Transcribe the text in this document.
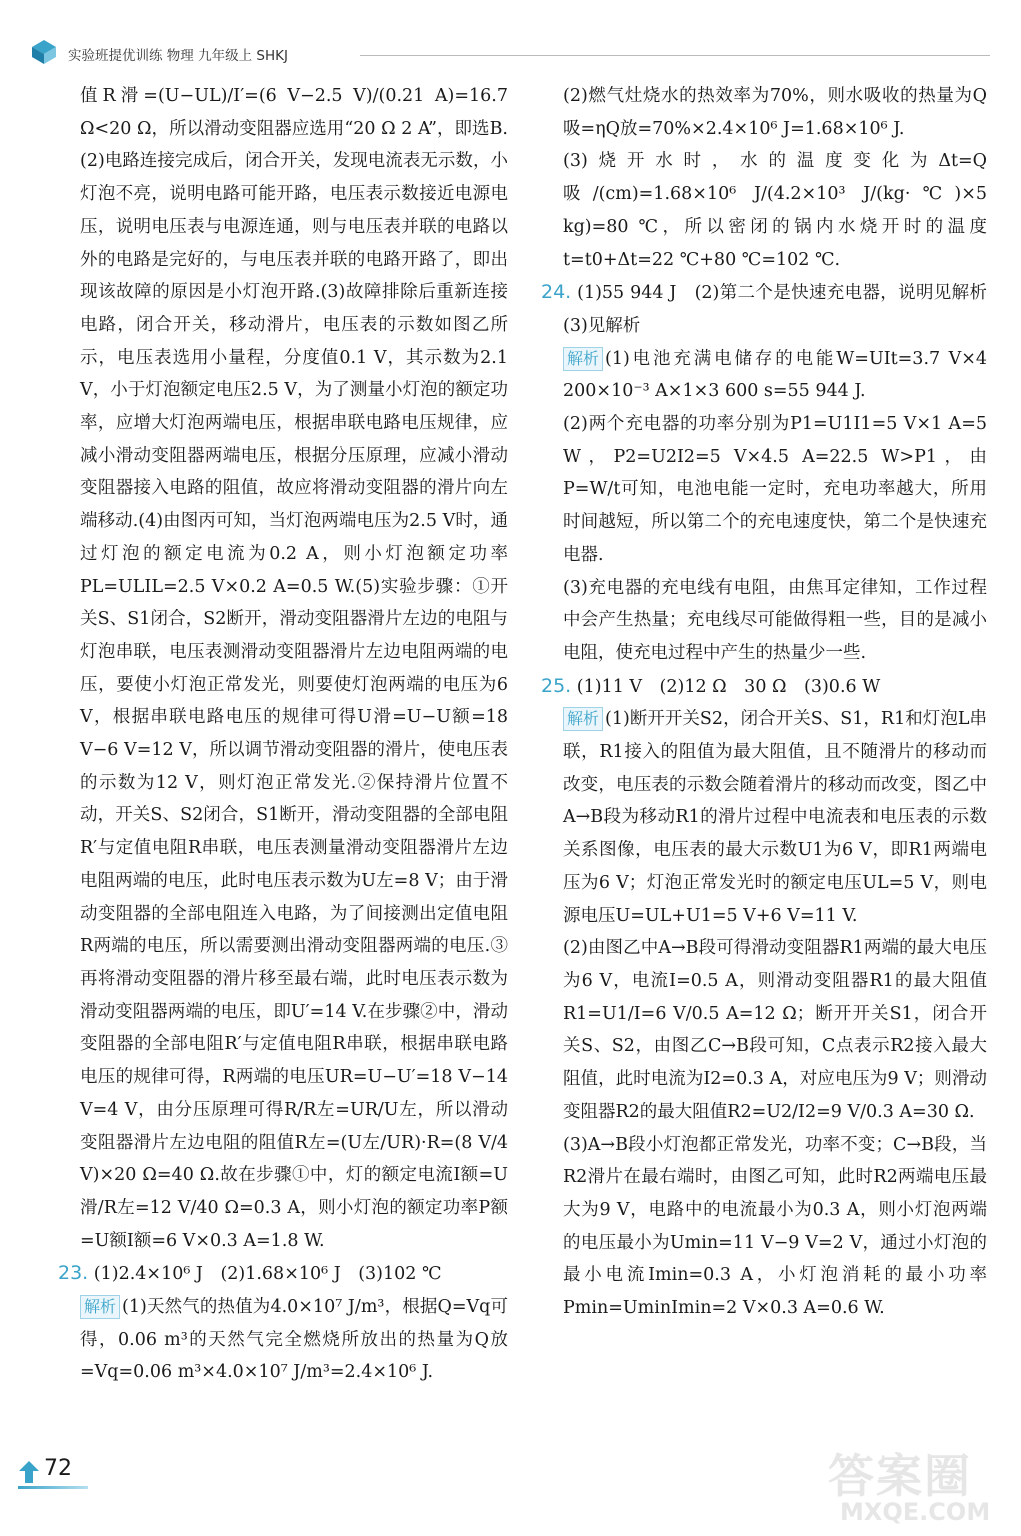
实验班提优训练 物理 九年级上 SHKJ

值R滑=(U−UL)/I′=(6 V−2.5 V)/(0.21 A)=16.7 Ω<20 Ω，所以滑动变阻器应选用“20 Ω 2 A”，即选B.(2)电路连接完成后，闭合开关，发现电流表无示数，小灯泡不亮，说明电路可能开路，电压表示数接近电源电压，说明电压表与电源连通，则与电压表并联的电路以外的电路是完好的，与电压表并联的电路开路了，即出现该故障的原因是小灯泡开路.(3)故障排除后重新连接电路，闭合开关，移动滑片，电压表的示数如图乙所示，电压表选用小量程，分度值0.1 V，其示数为2.1 V，小于灯泡额定电压2.5 V，为了测量小灯泡的额定功率，应增大灯泡两端电压，根据串联电路电压规律，应减小滑动变阻器两端电压，根据分压原理，应减小滑动变阻器接入电路的阻值，故应将滑动变阻器的滑片向左端移动.(4)由图丙可知，当灯泡两端电压为2.5 V时，通过灯泡的额定电流为0.2 A，则小灯泡额定功率PL=ULIL=2.5 V×0.2 A=0.5 W.(5)实验步骤：①开关S、S1闭合，S2断开，滑动变阻器滑片左边的电阻与灯泡串联，电压表测滑动变阻器滑片左边电阻两端的电压，要使小灯泡正常发光，则要使灯泡两端的电压为6 V，根据串联电路电压的规律可得U滑=U−U额=18 V−6 V=12 V，所以调节滑动变阻器的滑片，使电压表的示数为12 V，则灯泡正常发光.②保持滑片位置不动，开关S、S2闭合，S1断开，滑动变阻器的全部电阻R′与定值电阻R串联，电压表测量滑动变阻器滑片左边电阻两端的电压，此时电压表示数为U左=8 V；由于滑动变阻器的全部电阻连入电路，为了间接测出定值电阻R两端的电压，所以需要测出滑动变阻器两端的电压.③再将滑动变阻器的滑片移至最右端，此时电压表示数为滑动变阻器两端的电压，即U′=14 V.在步骤②中，滑动变阻器的全部电阻R′与定值电阻R串联，根据串联电路电压的规律可得，R两端的电压UR=U−U′=18 V−14 V=4 V，由分压原理可得R/R左=UR/U左，所以滑动变阻器滑片左边电阻的阻值R左=(U左/UR)·R=(8 V/4 V)×20 Ω=40 Ω.故在步骤①中，灯的额定电流I额=U滑/R左=12 V/40 Ω=0.3 A，则小灯泡的额定功率P额=U额I额=6 V×0.3 A=1.8 W.

23. (1)2.4×10⁶ J　(2)1.68×10⁶ J　(3)102 ℃

解析 (1)天然气的热值为4.0×10⁷ J/m³，根据Q=Vq可得，0.06 m³的天然气完全燃烧所放出的热量为Q放=Vq=0.06 m³×4.0×10⁷ J/m³=2.4×10⁶ J.

(2)燃气灶烧水的热效率为70%，则水吸收的热量为Q吸=ηQ放=70%×2.4×10⁶ J=1.68×10⁶ J.

(3)烧开水时，水的温度变化为Δt=Q吸/(cm)=1.68×10⁶ J/(4.2×10³ J/(kg·℃)×5 kg)=80 ℃，所以密闭的锅内水烧开时的温度t=t0+Δt=22 ℃+80 ℃=102 ℃.

24. (1)55 944 J　(2)第二个是快速充电器，说明见解析　(3)见解析

解析 (1)电池充满电储存的电能W=UIt=3.7 V×4 200×10⁻³ A×1×3 600 s=55 944 J.

(2)两个充电器的功率分别为P1=U1I1=5 V×1 A=5 W，P2=U2I2=5 V×4.5 A=22.5 W>P1，由P=W/t可知，电池电能一定时，充电功率越大，所用时间越短，所以第二个的充电速度快，第二个是快速充电器.

(3)充电器的充电线有电阻，由焦耳定律知，工作过程中会产生热量；充电线尽可能做得粗一些，目的是减小电阻，使充电过程中产生的热量少一些.

25. (1)11 V　(2)12 Ω　30 Ω　(3)0.6 W

解析 (1)断开开关S2，闭合开关S、S1，R1和灯泡L串联，R1接入的阻值为最大阻值，且不随滑片的移动而改变，电压表的示数会随着滑片的移动而改变，图乙中A→B段为移动R1的滑片过程中电流表和电压表的示数关系图像，电压表的最大示数U1为6 V，即R1两端电压为6 V；灯泡正常发光时的额定电压UL=5 V，则电源电压U=UL+U1=5 V+6 V=11 V.

(2)由图乙中A→B段可得滑动变阻器R1两端的最大电压为6 V，电流I=0.5 A，则滑动变阻器R1的最大阻值R1=U1/I=6 V/0.5 A=12 Ω；断开开关S1，闭合开关S、S2，由图乙C→B段可知，C点表示R2接入最大阻值，此时电流为I2=0.3 A，对应电压为9 V；则滑动变阻器R2的最大阻值R2=U2/I2=9 V/0.3 A=30 Ω.

(3)A→B段小灯泡都正常发光，功率不变；C→B段，当R2滑片在最右端时，由图乙可知，此时R2两端电压最大为9 V，电路中的电流最小为0.3 A，则小灯泡两端的电压最小为Umin=11 V−9 V=2 V，通过小灯泡的最小电流Imin=0.3 A，小灯泡消耗的最小功率Pmin=UminImin=2 V×0.3 A=0.6 W.

72	答案圈
MXQE.COM
